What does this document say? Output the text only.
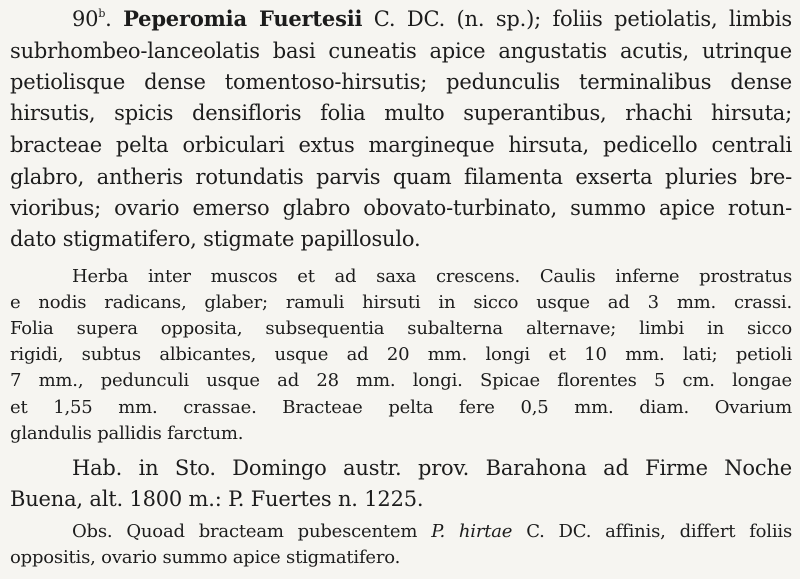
90$^b$. Peperomia Fuertesii C. DC. (n. sp.); foliis petiolatis, limbis
subrhombeo-lanceolatis basi cuneatis apice angustatis acutis, utrinque
petiolisque dense tomentoso-hirsutis; pedunculis terminalibus dense
hirsutis, spicis densifloris folia multo superantibus, rhachi hirsuta;
bracteae pelta orbiculari extus margineque hirsuta, pedicello centrali
glabro, antheris rotundatis parvis quam filamenta exserta pluries bre-
vioribus; ovario emerso glabro obovato-turbinato, summo apice rotun-
dato stigmatifero, stigmate papillosulo.
Herba inter muscos et ad saxa crescens. Caulis inferne prostratus
e nodis radicans, glaber; ramuli hirsuti in sicco usque ad 3 mm. crassi.
Folia supera opposita, subsequentia subalterna alternave; limbi in sicco
rigidi, subtus albicantes, usque ad 20 mm. longi et 10 mm. lati; petioli
7 mm., pedunculi usque ad 28 mm. longi. Spicae florentes 5 cm. longae
et 1,55 mm. crassae. Bracteae pelta fere 0,5 mm. diam. Ovarium
glandulis pallidis farctum.
Hab. in Sto. Domingo austr. prov. Barahona ad Firme Noche
Buena, alt. 1800 m.: P. Fuertes n. 1225.
Obs. Quoad bracteam pubescentem P. hirtae C. DC. affinis, differt foliis
oppositis, ovario summo apice stigmatifero.
